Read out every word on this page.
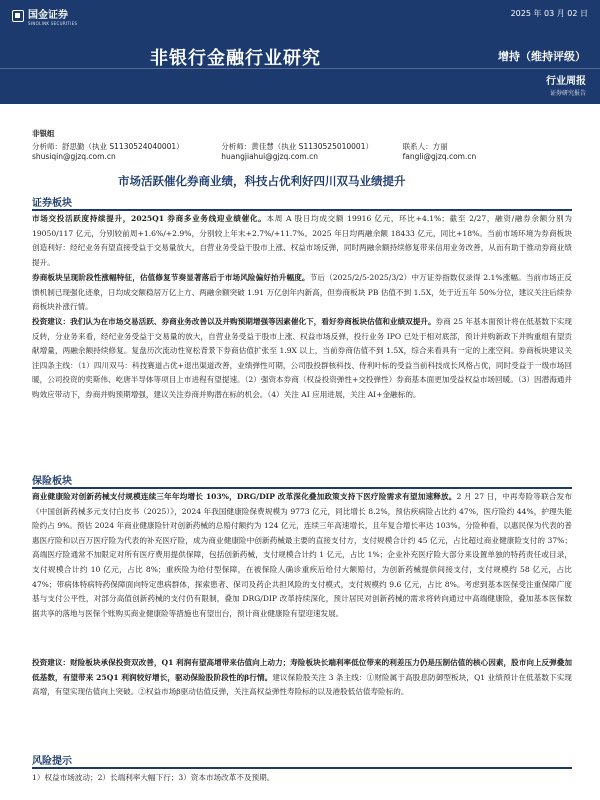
国金证券
SINOLINK SECURITIES
2025 年 03 月 02 日
非银行金融行业研究	增持（维持评级）
行业周报
证券研究报告
非银组
分析师：舒思勤（执业 S1130524040001）	分析师：黄佳慧（执业 S1130525010001）	联系人：方丽
shusiqin@gjzq.com.cn	huangjiahui@gjzq.com.cn	fangli@gjzq.com.cn
市场活跃催化券商业绩，科技占优利好四川双马业绩提升
证券板块
市场交投活跃度持续提升，2025Q1 券商多业务线迎业绩催化。本周 A 股日均成交额 19916 亿元，环比+4.1%；截至 2/27，融资/融券余额分别为 19050/117 亿元，分别较前周+1.6%/+2.9%，分别较上年末+2.7%/+11.7%。2025 年日均两融余额 18433 亿元，同比+18%。当前市场环境为券商板块创造利好：经纪业务有望直接受益于交易量放大，自营业务受益于股市上涨、权益市场反弹，同时两融余额持续修复带来信用业务改善，从而有助于推动券商业绩提升。
券商板块呈现阶段性涨幅特征，估值修复节奏显著落后于市场风险偏好抬升幅度。节后（2025/2/5-2025/3/2）中万证券指数仅录得 2.1%涨幅。当前市场正反馈机制已现强化迹象，日均成交额稳居万亿上方、两融余额突破 1.91 万亿创年内新高，但券商板块 PB 估值不到 1.5X，处于近五年 50%分位，建议关注后续券商板块补涨行情。
投资建议：我们认为在市场交易活跃、券商业务改善以及并购预期增强等因素催化下，看好券商板块估值和业绩双提升。券商 25 年基本面预计将在低基数下实现反转，分业务来看，经纪业务受益于交易量的放大，自营业务受益于股市上涨、权益市场反弹，投行业务 IPO 已处于相对底部，预计并购新政下并购重组有望贡献增量，两融余额持续修复。复盘历次流动性宽松背景下券商估值扩张至 1.9X 以上，当前券商估值不到 1.5X，综合来看具有一定的上涨空间。券商板块建议关注四条主线：（1）四川双马：科技赛道占优+退出渠道改善，业绩弹性可期，公司股投群核科技、侍利叶标的受益当前科技成长风格占优，同时受益于一级市场回暖，公司投资的奕斯伟、屹唐半导体等项目上市进程有望提速。（2）强资本券商（权益投资弹性+交投弹性）券商基本面更加受益权益市场回暖。（3）因潜海通并购效应带动下，券商并购预期增强，建议关注券商并购潜在标的机会。（4）关注 AI 应用进展，关注 AI+金融标的。
保险板块
商业健康险对创新药械支付规模连续三年年均增长 103%，DRG/DIP 改革深化叠加政策支持下医疗险需求有望加速释放。2 月 27 日，中再寿险等联合发布《中国创新药械多元支付白皮书（2025）》，2024 年我国健康险保费规模为 9773 亿元，同比增长 8.2%，预估疾病险占比约 47%，医疗险约 44%，护理失能险约占 9%。预估 2024 年商业健康险针对创新药械的总赔付额约为 124 亿元，连续三年高速增长，且年复合增长率达 103%。分险种看，以惠民保为代表的普惠医疗险和以百万医疗险为代表的补充医疗险，成为商业健康险中创新药械最主要的直接支付方，支付规模合计约 45 亿元，占比超过商业健康险支付的 37%；高端医疗险通常不加限定对所有医疗费用提供保障，包括创新药械，支付规模合计约 1 亿元，占比 1%；企业补充医疗险大部分来设置单独的特药责任或目录，支付规模合计约 10 亿元，占比 8%；重疾险为给付型保障，在被保险人确诊重疾后给付大额赔付，为创新药械提供间接支付，支付规模约 58 亿元，占比 47%；带病体特病特药保障面向特定患病群体，探索患者、保司及药企共担风险的支付模式，支付规模约 9.6 亿元，占比 8%。考虑到基本医保受注重保障广度基与支付公平性，对部分高值创新药械的支付仍有限制，叠加 DRG/DIP 改革持续深化，预计居民对创新药械的需求将转向通过中高端健康险，叠加基本医保数据共享的落地与医保个账购买商业健康险等措施也有望出台，预计商业健康险有望迎速发展。
投资建议：财险板块承保投资双改善，Q1 利润有望高增带来估值向上动力；寿险板块长端利率低位带来的利差压力仍是压制估值的核心因素，股市向上反弹叠加低基数，有望带来 25Q1 利润较好增长，驱动保险股阶段性的β行情。建议保险股关注 3 条主线：①财险属于高股息防御型板块，Q1 业绩预计在低基数下实现高增，有望实现估值向上突破。②权益市场β驱动估值反弹，关注高权益弹性寿险标的以及港股低估值寿险标的。
风险提示
1）权益市场波动；2）长端利率大幅下行；3）资本市场改革不及预期。
